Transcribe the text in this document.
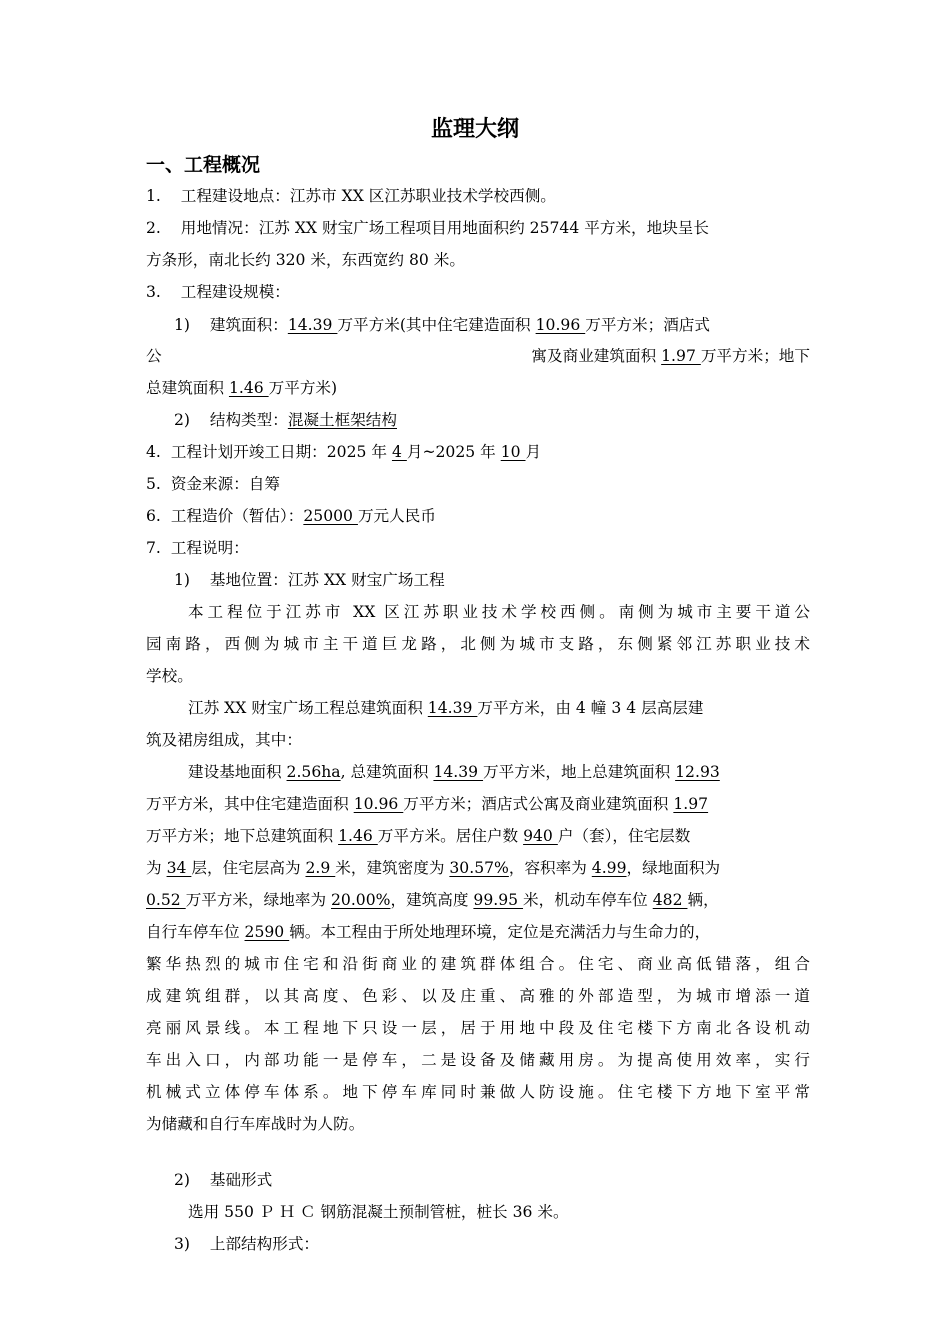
监理大纲
一、工程概况
1. 工程建设地点：江苏市 XX 区江苏职业技术学校西侧。
2. 用地情况：江苏 XX 财宝广场工程项目用地面积约 25744 平方米，地块呈长
方条形，南北长约 320 米，东西宽约 80 米。
3. 工程建设规模：
1) 建筑面积：14.39 万平方米(其中住宅建造面积 10.96 万平方米；酒店式
公	寓及商业建筑面积 1.97 万平方米；地下
总建筑面积 1.46 万平方米)
2) 结构类型：混凝土框架结构
4. 工程计划开竣工日期：2025 年 4 月~2025 年 10 月
5. 资金来源：自筹
6. 工程造价（暂估）：25000 万元人民币
7. 工程说明：
1) 基地位置：江苏 XX 财宝广场工程
本工程位于江苏市 XX 区江苏职业技术学校西侧。南侧为城市主要干道公
园南路，西侧为城市主干道巨龙路，北侧为城市支路，东侧紧邻江苏职业技术
学校。
江苏 XX 财宝广场工程总建筑面积 14.39 万平方米，由 4 幢 3 4 层高层建
筑及裙房组成，其中：
建设基地面积 2.56ha, 总建筑面积 14.39 万平方米，地上总建筑面积 12.93
万平方米，其中住宅建造面积 10.96 万平方米；酒店式公寓及商业建筑面积 1.97
万平方米；地下总建筑面积 1.46 万平方米。居住户数 940 户（套），住宅层数
为 34 层，住宅层高为 2.9 米，建筑密度为 30.57%，容积率为 4.99，绿地面积为
0.52 万平方米，绿地率为 20.00%，建筑高度 99.95 米，机动车停车位 482 辆，
自行车停车位 2590 辆。本工程由于所处地理环境，定位是充满活力与生命力的，
繁华热烈的城市住宅和沿街商业的建筑群体组合。住宅、商业高低错落，组合
成建筑组群，以其高度、色彩、以及庄重、高雅的外部造型，为城市增添一道
亮丽风景线。本工程地下只设一层，居于用地中段及住宅楼下方南北各设机动
车出入口，内部功能一是停车，二是设备及储藏用房。为提高使用效率，实行
机械式立体停车体系。地下停车库同时兼做人防设施。住宅楼下方地下室平常
为储藏和自行车库战时为人防。
2) 基础形式
选用 550 Ｐ Ｈ Ｃ 钢筋混凝土预制管桩，桩长 36 米。
3) 上部结构形式：
